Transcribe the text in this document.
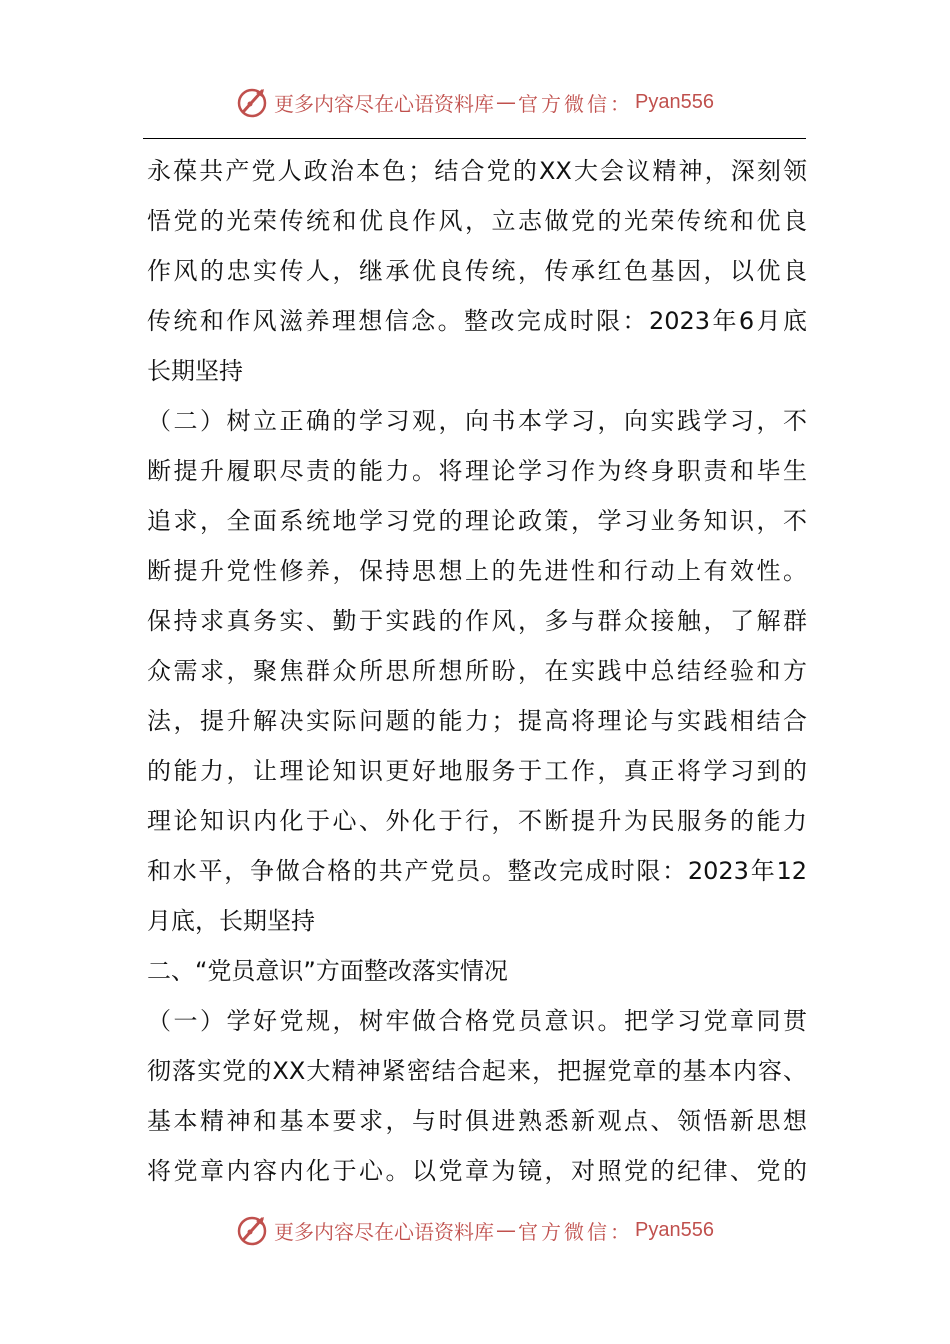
更多内容尽在心语资料库 — 官方微信： Pyan556
永葆共产党人政治本色；结合党的XX大会议精神，深刻领
悟党的光荣传统和优良作风，立志做党的光荣传统和优良
作风的忠实传人，继承优良传统，传承红色基因，以优良
传统和作风滋养理想信念。整改完成时限：2023年6月底
长期坚持
（二）树立正确的学习观，向书本学习，向实践学习，不
断提升履职尽责的能力。将理论学习作为终身职责和毕生
追求，全面系统地学习党的理论政策，学习业务知识，不
断提升党性修养，保持思想上的先进性和行动上有效性。
保持求真务实、勤于实践的作风，多与群众接触，了解群
众需求，聚焦群众所思所想所盼，在实践中总结经验和方
法，提升解决实际问题的能力；提高将理论与实践相结合
的能力，让理论知识更好地服务于工作，真正将学习到的
理论知识内化于心、外化于行，不断提升为民服务的能力
和水平，争做合格的共产党员。整改完成时限：2023年12
月底，长期坚持
二、“党员意识”方面整改落实情况
（一）学好党规，树牢做合格党员意识。把学习党章同贯
彻落实党的XX大精神紧密结合起来，把握党章的基本内容、
基本精神和基本要求，与时俱进熟悉新观点、领悟新思想
将党章内容内化于心。以党章为镜，对照党的纪律、党的
更多内容尽在心语资料库 — 官方微信： Pyan556
